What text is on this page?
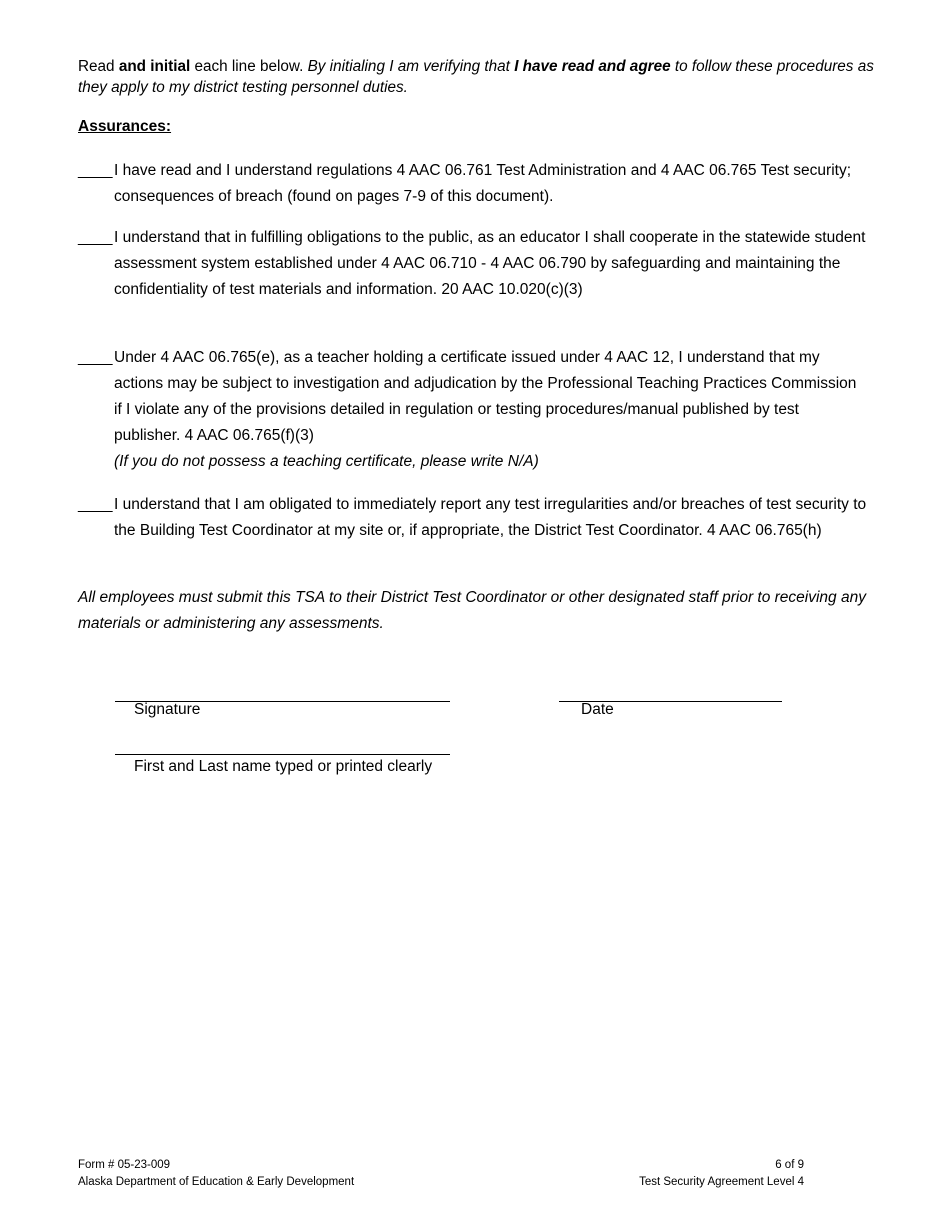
Read and initial each line below. By initialing I am verifying that I have read and agree to follow these procedures as they apply to my district testing personnel duties.
Assurances:
____ I have read and I understand regulations 4 AAC 06.761 Test Administration and 4 AAC 06.765 Test security; consequences of breach (found on pages 7-9 of this document).
____ I understand that in fulfilling obligations to the public, as an educator I shall cooperate in the statewide student assessment system established under 4 AAC 06.710 - 4 AAC 06.790 by safeguarding and maintaining the confidentiality of test materials and information. 20 AAC 10.020(c)(3)
____ Under 4 AAC 06.765(e), as a teacher holding a certificate issued under 4 AAC 12, I understand that my actions may be subject to investigation and adjudication by the Professional Teaching Practices Commission if I violate any of the provisions detailed in regulation or testing procedures/manual published by test publisher. 4 AAC 06.765(f)(3)
(If you do not possess a teaching certificate, please write N/A)
____ I understand that I am obligated to immediately report any test irregularities and/or breaches of test security to the Building Test Coordinator at my site or, if appropriate, the District Test Coordinator. 4 AAC 06.765(h)
All employees must submit this TSA to their District Test Coordinator or other designated staff prior to receiving any materials or administering any assessments.
Signature	Date
First and Last name typed or printed clearly
Form # 05-23-009
Alaska Department of Education & Early Development
6 of 9
Test Security Agreement Level 4
